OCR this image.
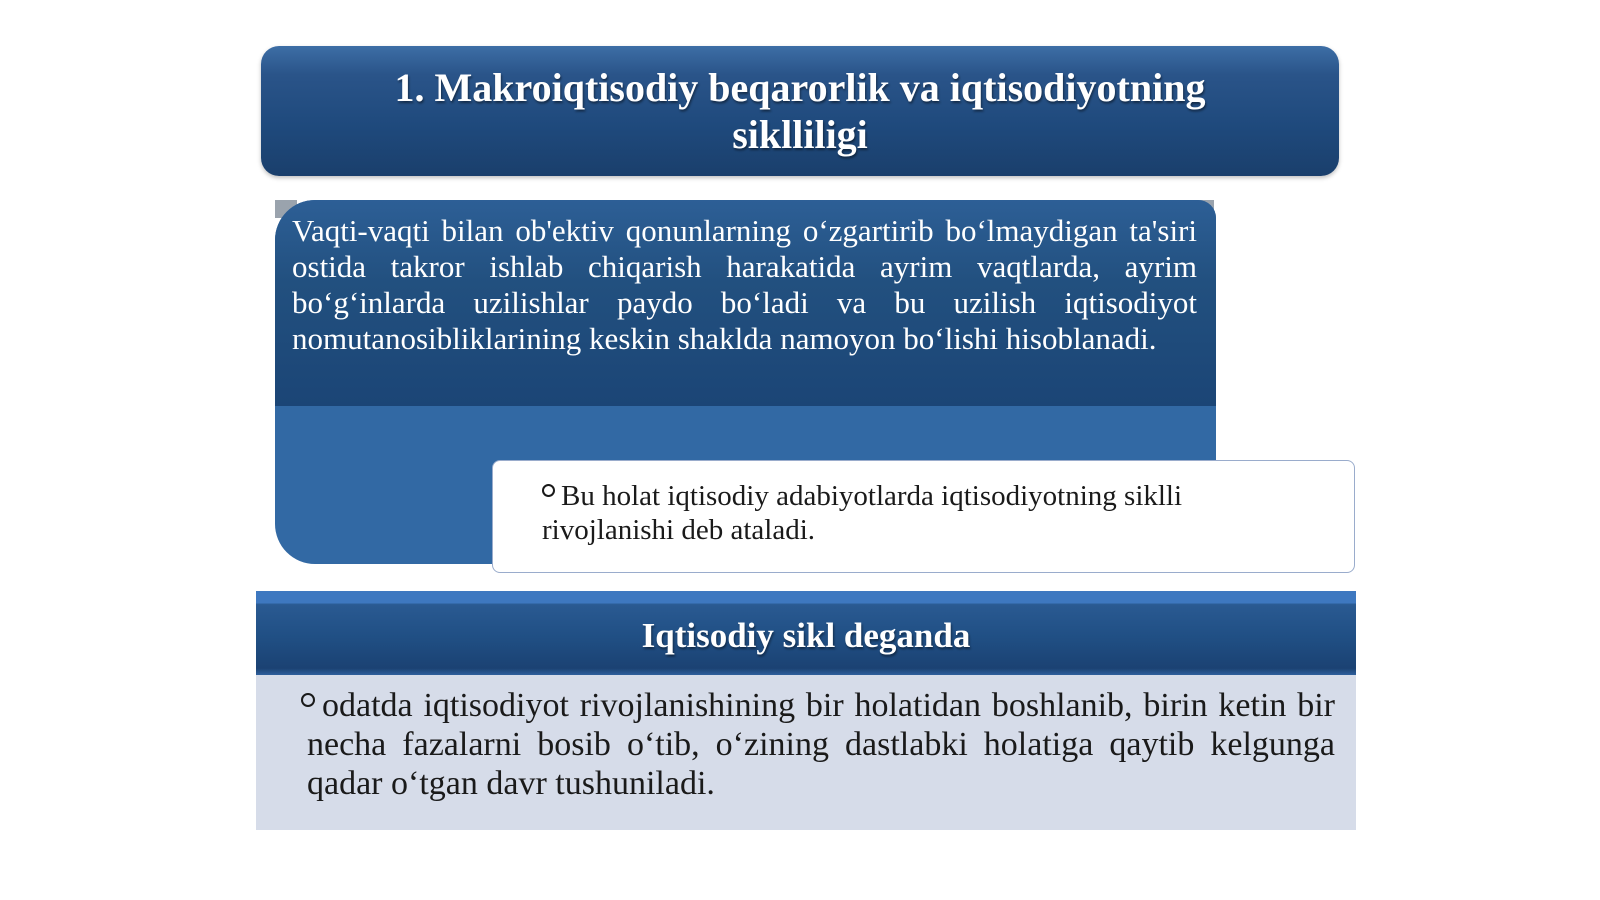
1. Makroiqtisodiy beqarorlik va iqtisodiyotning siklliligi
Vaqti-vaqti bilan ob'ektiv qonunlarning o‘zgartirib bo‘lmaydigan ta'siri ostida takror ishlab chiqarish harakatida ayrim vaqtlarda, ayrim bo‘g‘inlarda uzilishlar paydo bo‘ladi va bu uzilish iqtisodiyot nomutanosibliklarining keskin shaklda namoyon bo‘lishi hisoblanadi.
Bu holat iqtisodiy adabiyotlarda iqtisodiyotning siklli rivojlanishi deb ataladi.
Iqtisodiy sikl deganda
odatda iqtisodiyot rivojlanishining bir holatidan boshlanib, birin ketin bir necha fazalarni bosib o‘tib, o‘zining dastlabki holatiga qaytib kelgunga qadar o‘tgan davr tushuniladi.
